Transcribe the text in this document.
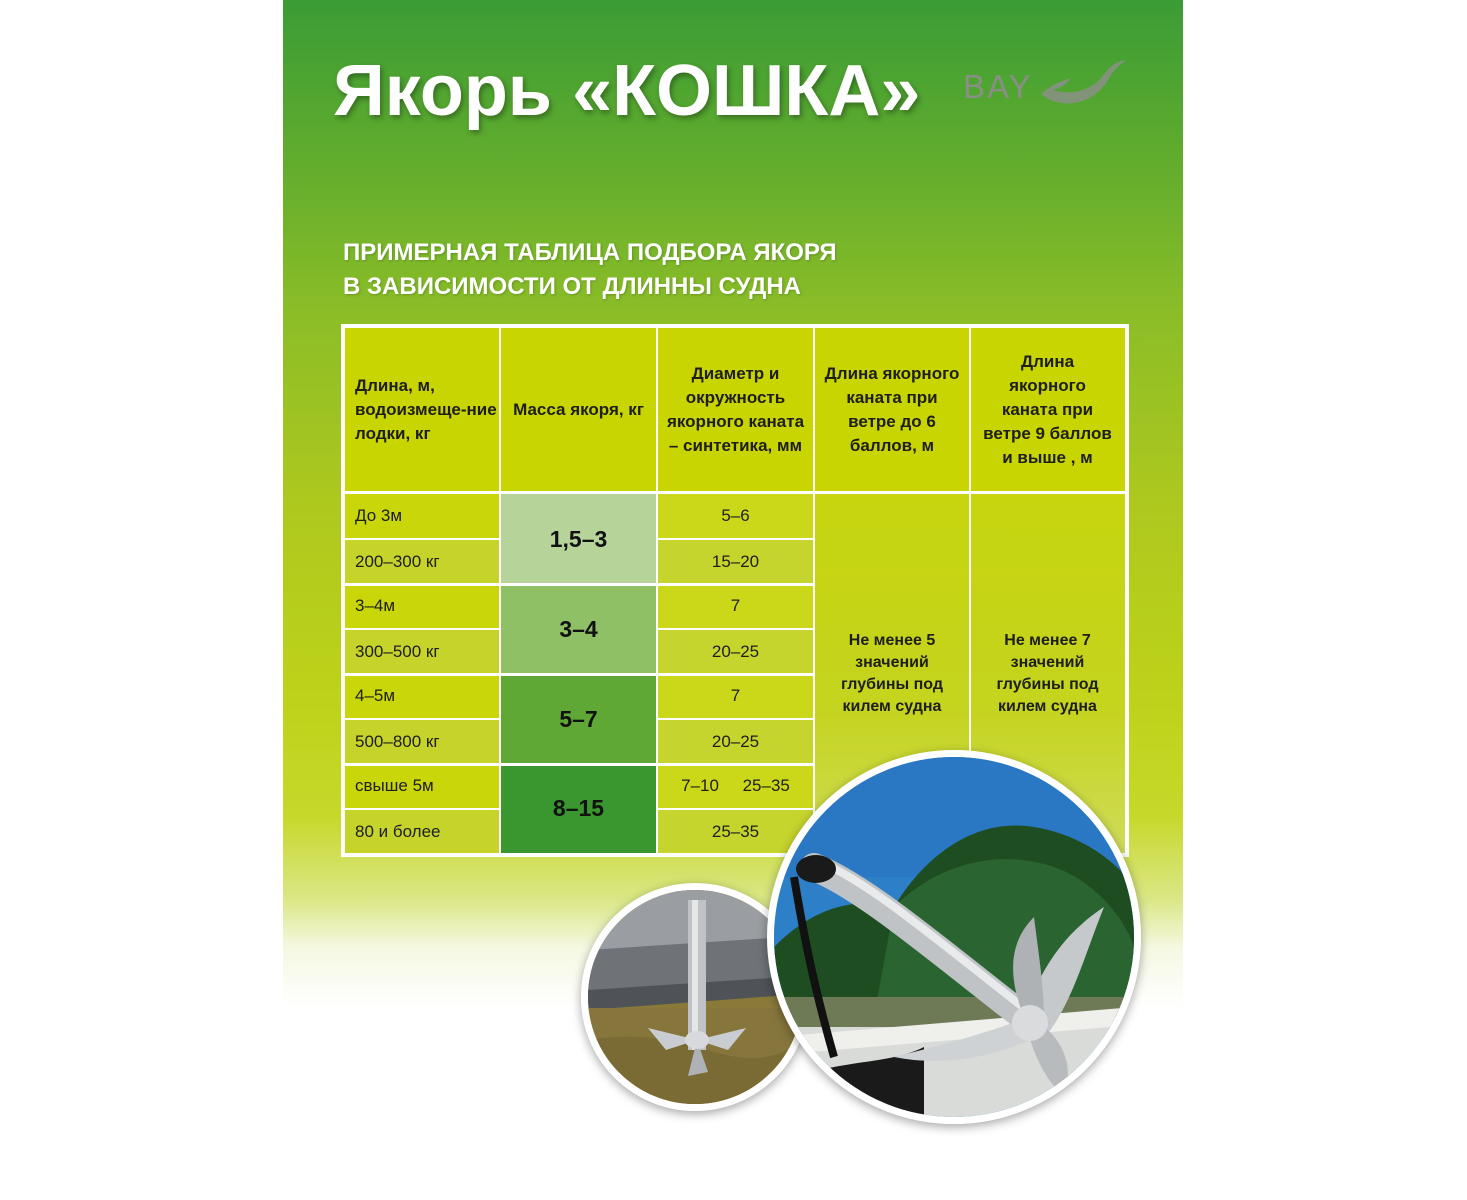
Якорь «КОШКА» BAY
ПРИМЕРНАЯ ТАБЛИЦА ПОДБОРА ЯКОРЯ
В ЗАВИСИМОСТИ ОТ ДЛИННЫ СУДНА
Длина, м, водоизмеще-ние лодки, кг
Масса якоря, кг
Диаметр и окружность якорного каната – синтетика, мм
Длина якорного каната при ветре до 6 баллов, м
Длина якорного каната при ветре 9 баллов и выше , м
До 3м
200–300 кг
1,5–3
5–6
15–20
3–4м
300–500 кг
3–4
7
20–25
4–5м
500–800 кг
5–7
7
20–25
свыше 5м
80 и более
8–15
7–10     25–35
25–35
Не менее 5 значений глубины под килем судна
Не менее 7 значений глубины под килем судна
